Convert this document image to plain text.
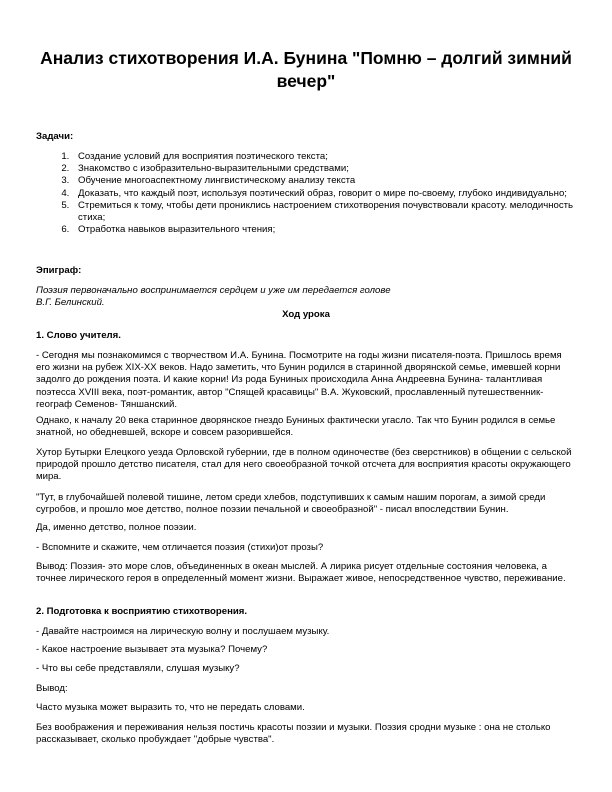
Анализ стихотворения И.А. Бунина "Помню – долгий зимний вечер"
Задачи:
1. Создание условий для восприятия поэтического текста;
2. Знакомство с изобразительно-выразительными средствами;
3. Обучение многоаспектному лингвистическому анализу текста
4. Доказать, что каждый поэт, используя поэтический образ, говорит о мире по-своему, глубоко индивидуально;
5. Стремиться к тому, чтобы дети прониклись настроением стихотворения почувствовали красоту. мелодичность стиха;
6. Отработка навыков выразительного чтения;
Эпиграф:
Поэзия первоначально воспринимается сердцем и уже им передается голове
В.Г. Белинский.
Ход урока
1. Слово учителя.
- Сегодня мы познакомимся с творчеством И.А. Бунина. Посмотрите на годы жизни писателя-поэта. Пришлось время его жизни на рубеж XIX-XX веков. Надо заметить, что Бунин родился в старинной дворянской семье, имевшей корни задолго до рождения поэта. И какие корни! Из рода Буниных происходила Анна Андреевна Бунина- талантливая поэтесса XVIII века, поэт-романтик, автор "Спящей красавицы" В.А. Жуковский, прославленный путешественник-географ Семенов- Тяншанский.
Однако, к началу 20 века старинное дворянское гнездо Буниных фактически угасло. Так что Бунин родился в семье знатной, но обедневшей, вскоре и совсем разорившейся.
Хутор Бутырки Елецкого уезда Орловской губернии, где в полном одиночестве (без сверстников) в общении с сельской природой прошло детство писателя, стал для него своеобразной точкой отсчета для восприятия красоты окружающего мира.
"Тут, в глубочайшей полевой тишине, летом среди хлебов, подступивших к самым нашим порогам, а зимой среди сугробов, и прошло мое детство, полное поэзии печальной и своеобразной" - писал впоследствии Бунин.
Да, именно детство, полное поэзии.
- Вспомните и скажите, чем отличается поэзия (стихи)от прозы?
Вывод: Поэзия- это море слов, объединенных в океан мыслей. А лирика рисует отдельные состояния человека, а точнее лирического героя в определенный момент жизни. Выражает живое, непосредственное чувство, переживание.
2. Подготовка к восприятию стихотворения.
- Давайте настроимся на лирическую волну и послушаем музыку.
- Какое настроение вызывает эта музыка? Почему?
- Что вы себе представляли, слушая музыку?
Вывод:
Часто музыка может выразить то, что не передать словами.
Без воображения и переживания нельзя постичь красоты поэзии и музыки. Поэзия сродни музыке : она не столько рассказывает, сколько пробуждает "добрые чувства".
